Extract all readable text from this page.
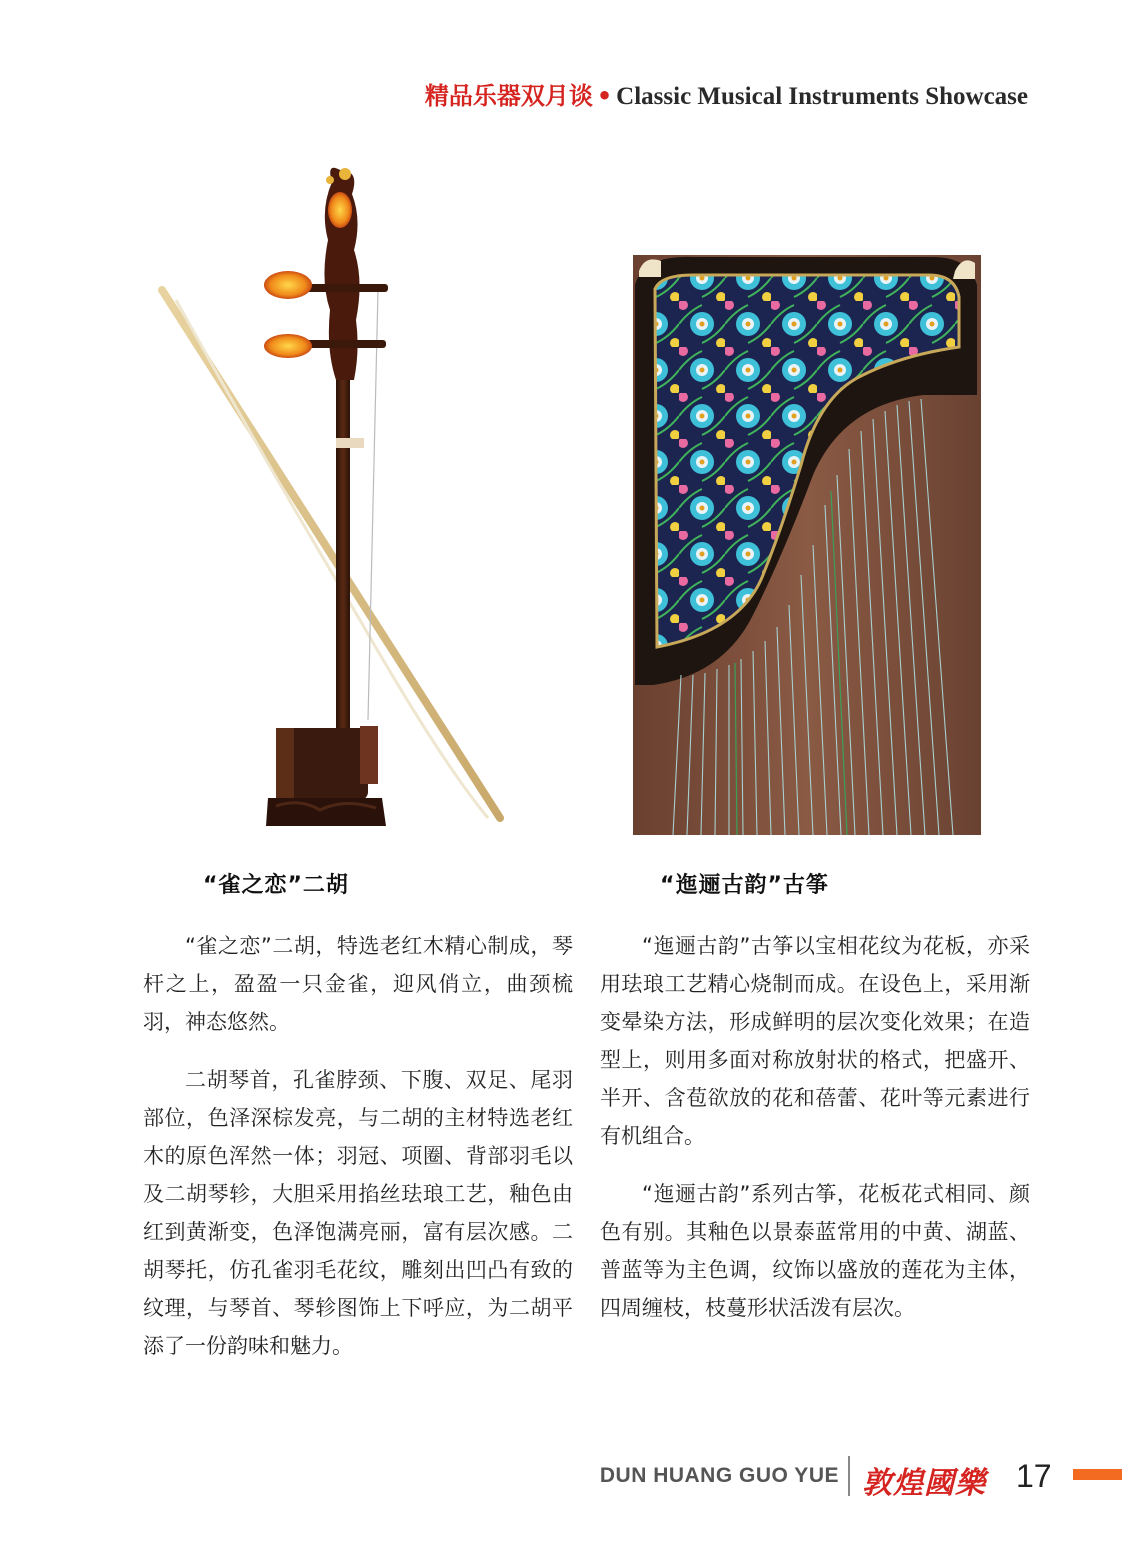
精品乐器双月谈 • Classic Musical Instruments Showcase
“雀之恋”二胡

“雀之恋”二胡，特选老红木精心制成，琴杆之上，盈盈一只金雀，迎风俏立，曲颈梳羽，神态悠然。

二胡琴首，孔雀脖颈、下腹、双足、尾羽部位，色泽深棕发亮，与二胡的主材特选老红木的原色浑然一体；羽冠、项圈、背部羽毛以及二胡琴轸，大胆采用掐丝珐琅工艺，釉色由红到黄渐变，色泽饱满亮丽，富有层次感。二胡琴托，仿孔雀羽毛花纹，雕刻出凹凸有致的纹理，与琴首、琴轸图饰上下呼应，为二胡平添了一份韵味和魅力。

“迤逦古韵”古筝

“迤逦古韵”古筝以宝相花纹为花板，亦采用珐琅工艺精心烧制而成。在设色上，采用渐变晕染方法，形成鲜明的层次变化效果；在造型上，则用多面对称放射状的格式，把盛开、半开、含苞欲放的花和蓓蕾、花叶等元素进行有机组合。

“迤逦古韵”系列古筝，花板花式相同、颜色有别。其釉色以景泰蓝常用的中黄、湖蓝、普蓝等为主色调，纹饰以盛放的莲花为主体，四周缠枝，枝蔓形状活泼有层次。

DUN HUANG GUO YUE 敦煌國樂 17
